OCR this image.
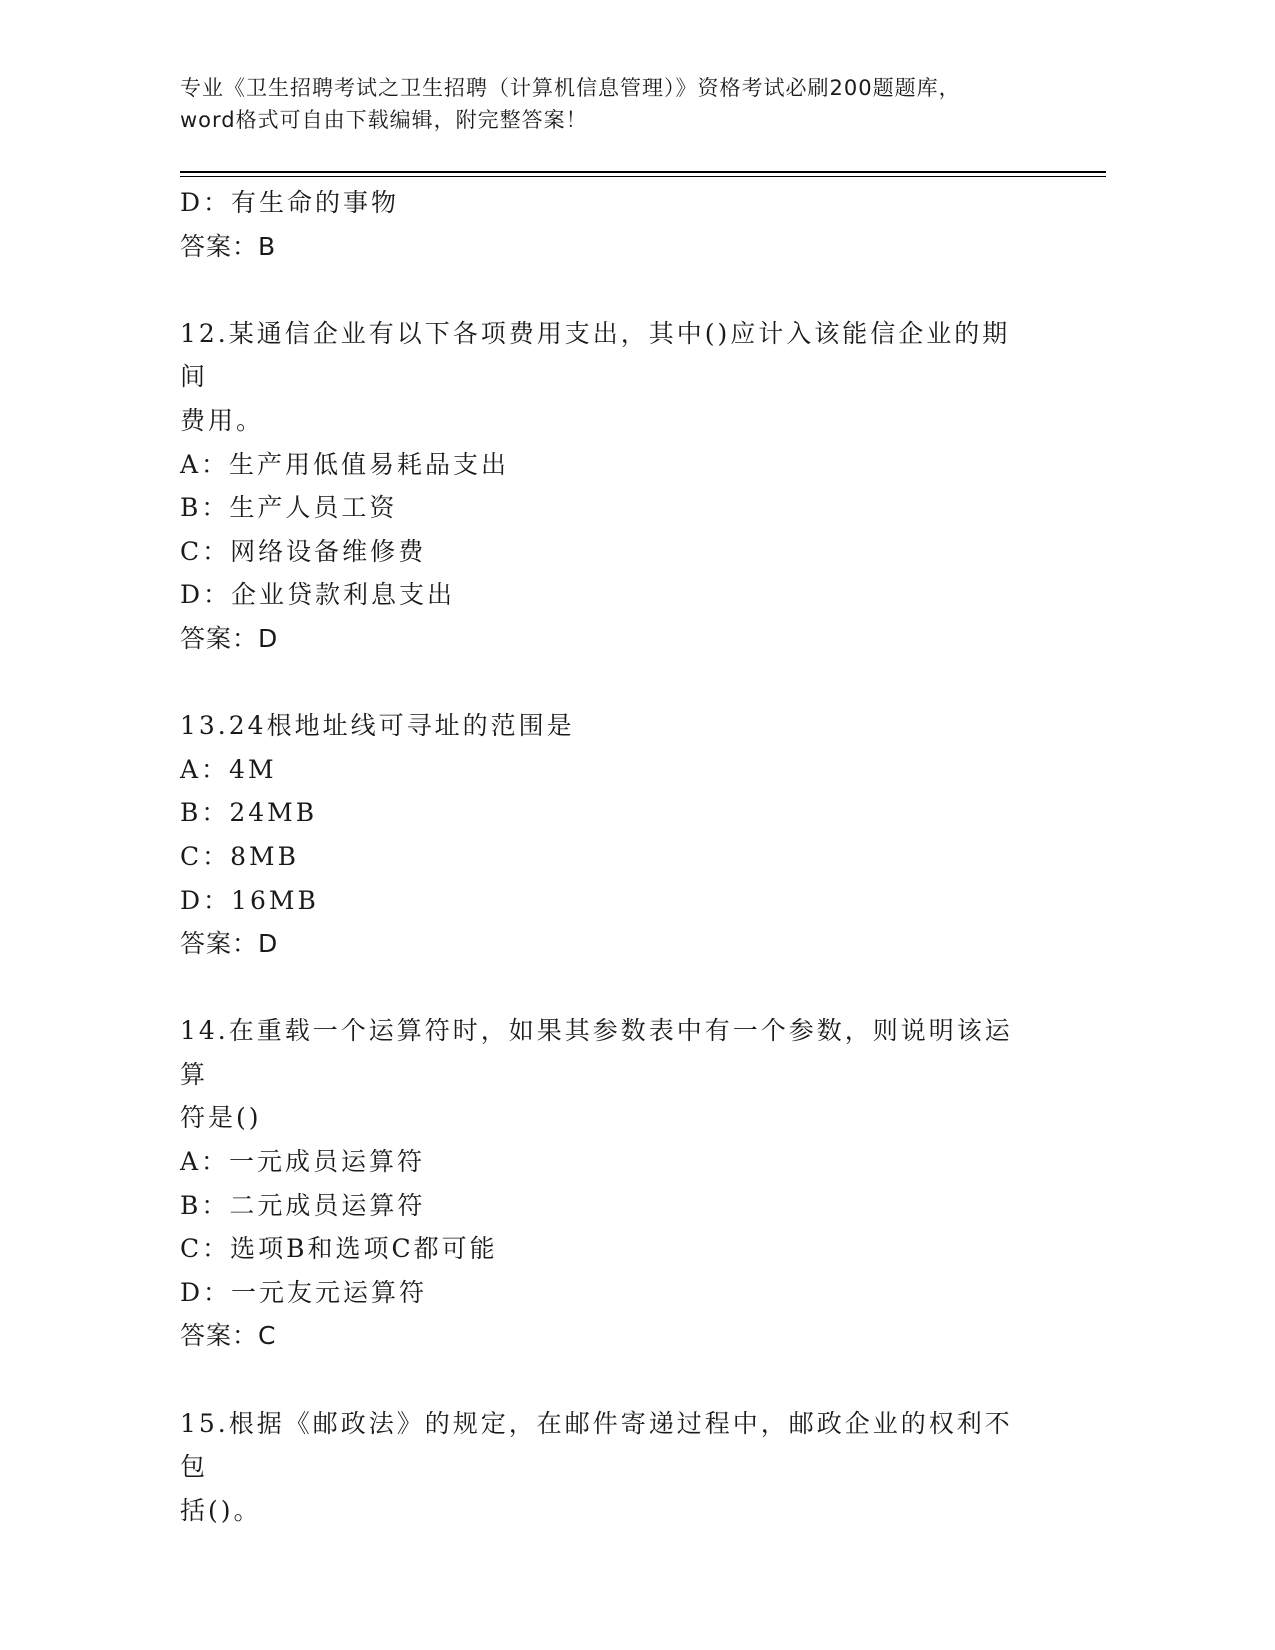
专业《卫生招聘考试之卫生招聘（计算机信息管理）》资格考试必刷200题题库，
word格式可自由下载编辑，附完整答案！

D：有生命的事物

答案：B

12.某通信企业有以下各项费用支出，其中()应计入该能信企业的期间

费用。

A：生产用低值易耗品支出

B：生产人员工资

C：网络设备维修费

D：企业贷款利息支出

答案：D

13.24根地址线可寻址的范围是

A：4M

B：24MB

C：8MB

D：16MB

答案：D

14.在重载一个运算符时，如果其参数表中有一个参数，则说明该运算

符是()

A：一元成员运算符

B：二元成员运算符

C：选项B和选项C都可能

D：一元友元运算符

答案：C

15.根据《邮政法》的规定，在邮件寄递过程中，邮政企业的权利不包

括()。
